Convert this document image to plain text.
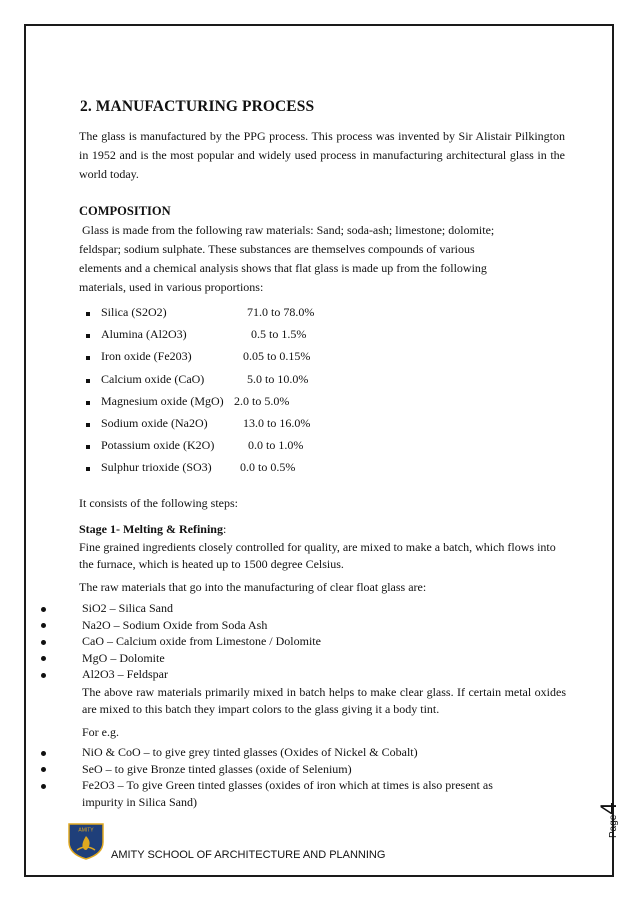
2. MANUFACTURING PROCESS
The glass is manufactured by the PPG process. This process was invented by Sir Alistair Pilkington in 1952 and is the most popular and widely used process in manufacturing architectural glass in the world today.
COMPOSITION
Glass is made from the following raw materials: Sand; soda-ash; limestone; dolomite;
feldspar; sodium sulphate. These substances are themselves compounds of various
elements and a chemical analysis shows that flat glass is made up from the following
materials, used in various proportions:
Silica (S2O2)	71.0 to 78.0%
Alumina (Al2O3)	0.5 to 1.5%
Iron oxide (Fe203)	0.05 to 0.15%
Calcium oxide (CaO)	5.0 to 10.0%
Magnesium oxide (MgO) 2.0 to 5.0%
Sodium oxide (Na2O)	13.0 to 16.0%
Potassium oxide (K2O)	0.0 to 1.0%
Sulphur trioxide (SO3) 0.0 to 0.5%
It consists of the following steps:
Stage 1- Melting & Refining:
Fine grained ingredients closely controlled for quality, are mixed to make a batch, which flows into the furnace, which is heated up to 1500 degree Celsius.
The raw materials that go into the manufacturing of clear float glass are:
SiO2 – Silica Sand
Na2O – Sodium Oxide from Soda Ash
CaO – Calcium oxide from Limestone / Dolomite
MgO – Dolomite
Al2O3 – Feldspar
The above raw materials primarily mixed in batch helps to make clear glass. If certain metal oxides are mixed to this batch they impart colors to the glass giving it a body tint.
For e.g.
NiO & CoO – to give grey tinted glasses (Oxides of Nickel & Cobalt)
SeO – to give Bronze tinted glasses (oxide of Selenium)
Fe2O3 – To give Green tinted glasses (oxides of iron which at times is also present as
impurity in Silica Sand)
Page4
AMITY
AMITY SCHOOL OF ARCHITECTURE AND PLANNING
